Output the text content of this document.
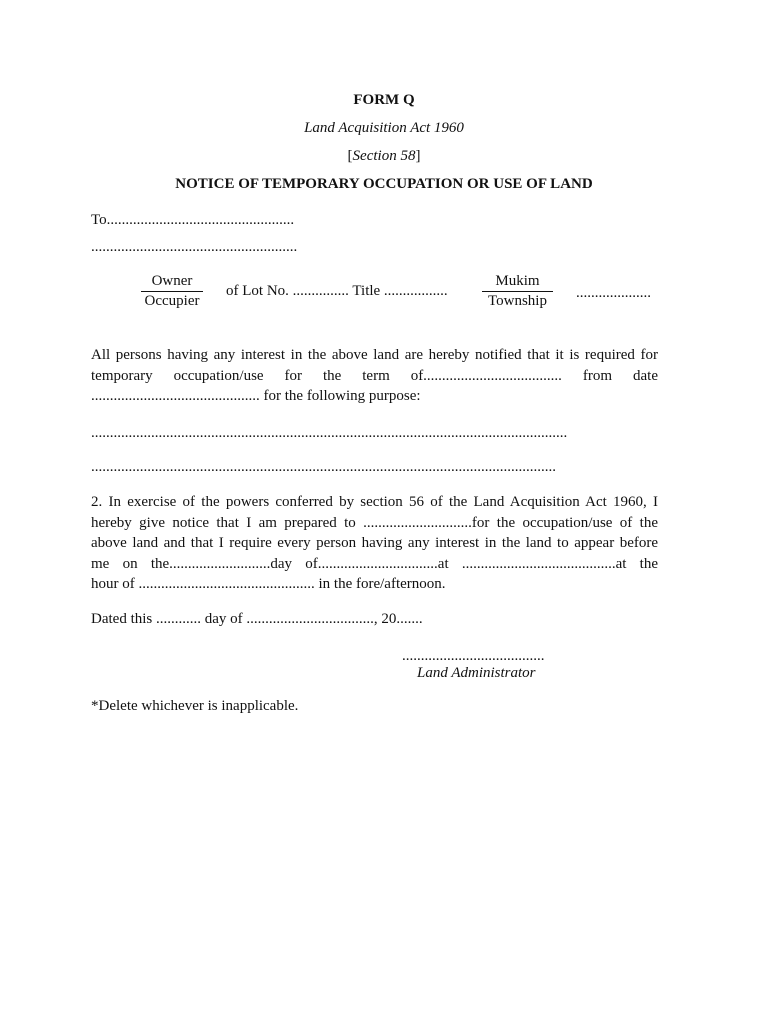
FORM Q
Land Acquisition Act 1960
[Section 58]
NOTICE OF TEMPORARY OCCUPATION OR USE OF LAND
To..................................................
.......................................................
Owner
Occupier
of Lot No. ............... Title .................
Mukim
Township	....................
All persons having any interest in the above land are hereby notified that it is required for
temporary occupation/use for the term of..................................... from date
............................................. for the following purpose:
...............................................................................................................................
............................................................................................................................
2. In exercise of the powers conferred by section 56 of the Land Acquisition Act 1960, I
hereby give notice that I am prepared to .............................for the occupation/use of the
above land and that I require every person having any interest in the land to appear before
me on the...........................day of................................at .........................................at the
hour of ............................................... in the fore/afternoon.
Dated this ............ day of .................................., 20.......
......................................
Land Administrator
*Delete whichever is inapplicable.
